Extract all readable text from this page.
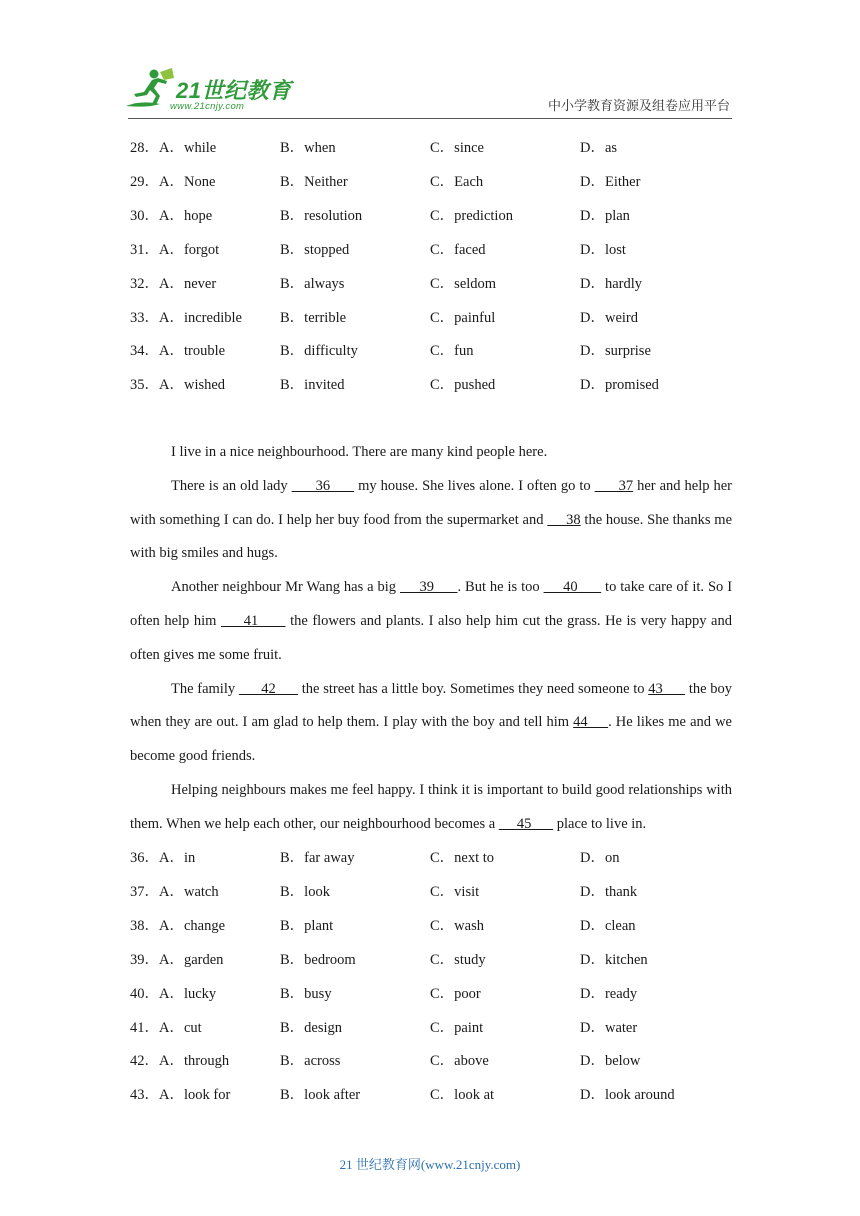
21世纪教育
www.21cnjy.com	中小学教育资源及组卷应用平台
28．A．while	B．when	C．since	D．as
29．A．None	B．Neither	C．Each	D．Either
30．A．hope	B．resolution	C．prediction	D．plan
31．A．forgot	B．stopped	C．faced	D．lost
32．A．never	B．always	C．seldom	D．hardly
33．A．incredible	B．terrible	C．painful	D．weird
34．A．trouble	B．difficulty	C．fun	D．surprise
35．A．wished	B．invited	C．pushed	D．promised

I live in a nice neighbourhood. There are many kind people here.

There is an old lady       36       my house. She lives alone. I often go to       37 her and help her with something I can do. I help her buy food from the supermarket and      38 the house. She thanks me with big smiles and hugs.

Another neighbour Mr Wang has a big      39      . But he is too      40       to take care of it. So I often help him      41       the flowers and plants. I also help him cut the grass. He is very happy and often gives me some fruit.

The family       42       the street has a little boy. Sometimes they need someone to 43       the boy when they are out. I am glad to help them. I play with the boy and tell him 44     . He likes me and we become good friends.

Helping neighbours makes me feel happy. I think it is important to build good relationships with them. When we help each other, our neighbourhood becomes a      45       place to live in.

36．A．in	B．far away	C．next to	D．on
37．A．watch	B．look	C．visit	D．thank
38．A．change	B．plant	C．wash	D．clean
39．A．garden	B．bedroom	C．study	D．kitchen
40．A．lucky	B．busy	C．poor	D．ready
41．A．cut	B．design	C．paint	D．water
42．A．through	B．across	C．above	D．below
43．A．look for	B．look after	C．look at	D．look around
21 世纪教育网(www.21cnjy.com)
